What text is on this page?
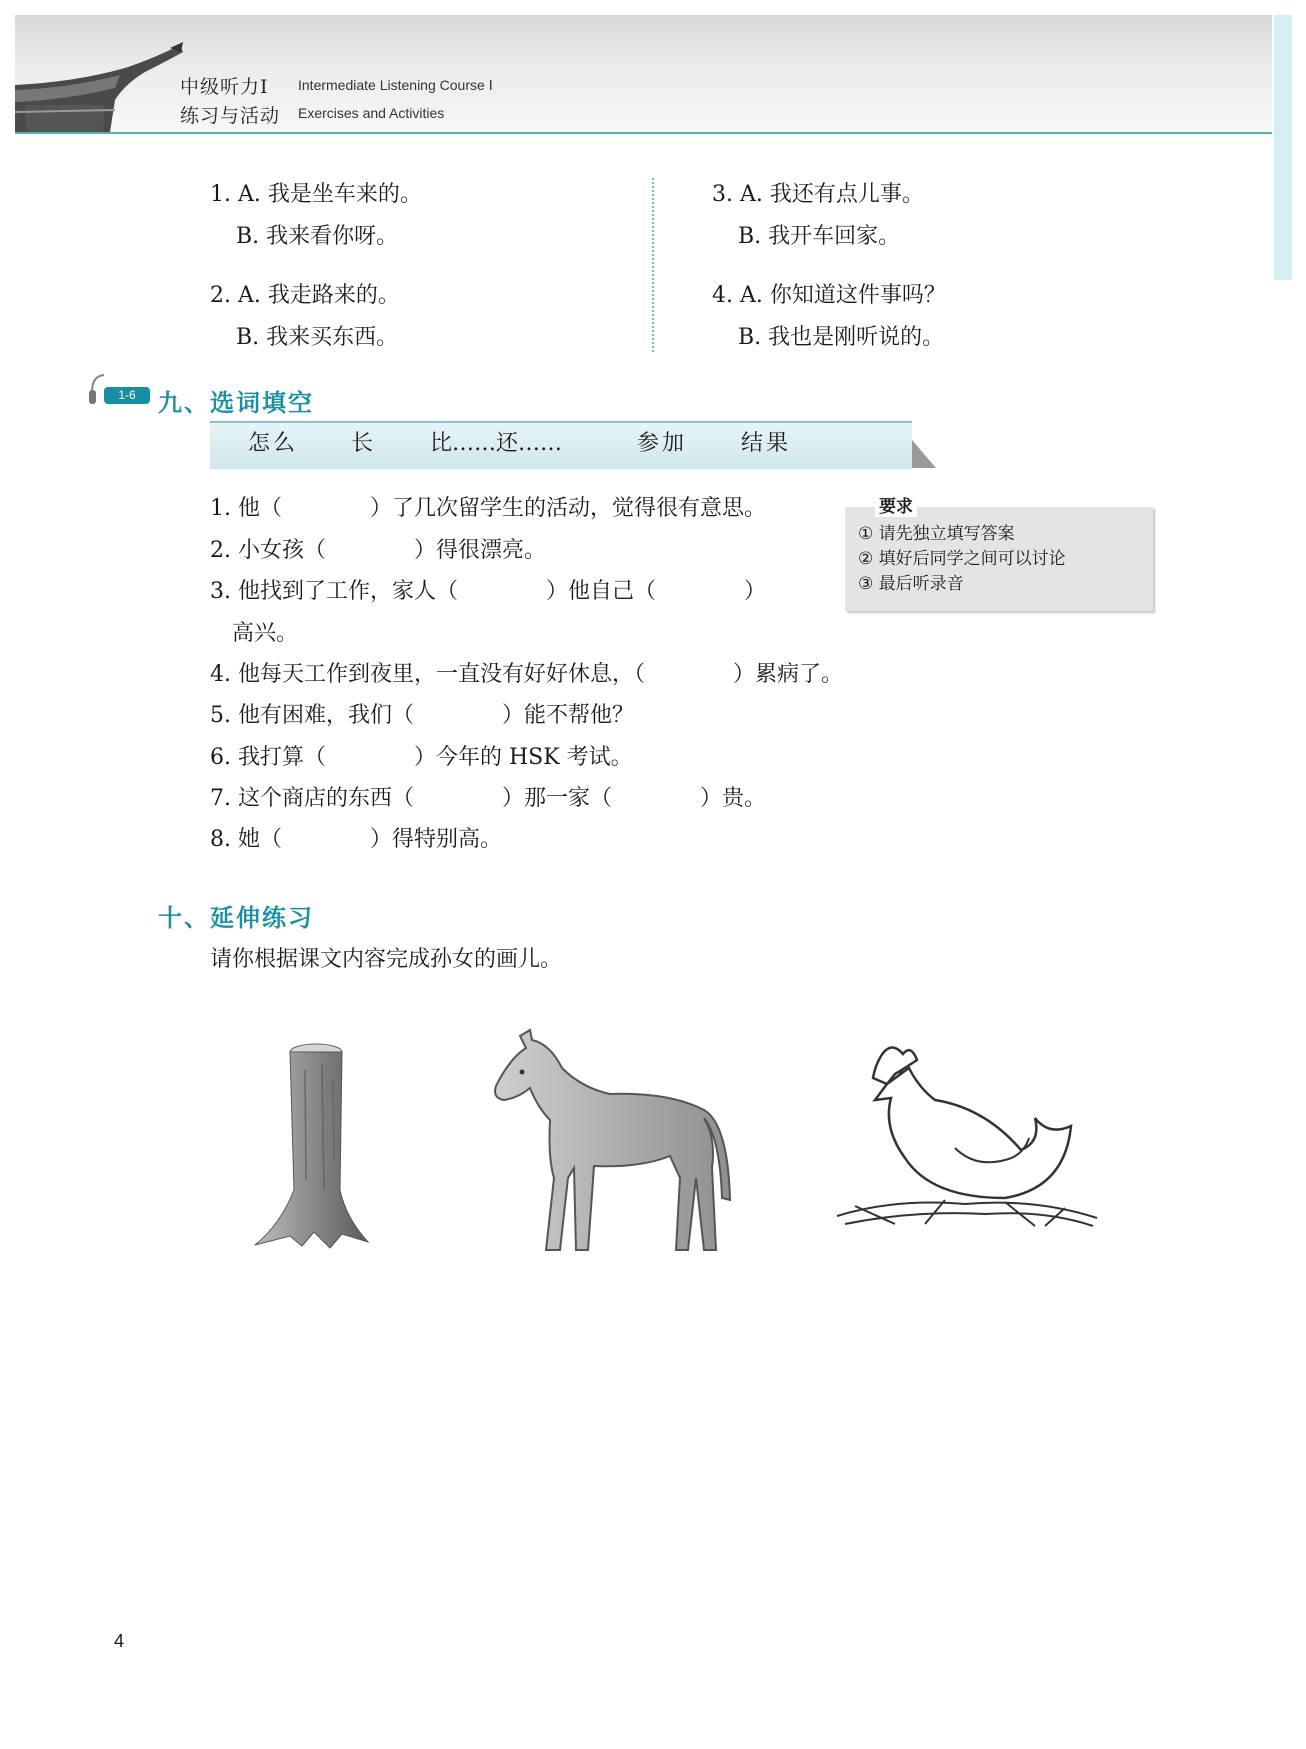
中级听力Ⅰ Intermediate Listening Course Ⅰ
练习与活动 Exercises and Activities
1. A. 我是坐车来的。
B. 我来看你呀。
2. A. 我走路来的。
B. 我来买东西。
3. A. 我还有点儿事。
B. 我开车回家。
4. A. 你知道这件事吗？
B. 我也是刚听说的。
1-6 九、选词填空
怎么 长 比……还……	参加 结果
1. 他（　　　　）了几次留学生的活动，觉得很有意思。
2. 小女孩（　　　　）得很漂亮。
3. 他找到了工作，家人（　　　　）他自己（　　　　）
高兴。
4. 他每天工作到夜里，一直没有好好休息，（　　　　）累病了。
5. 他有困难，我们（　　　　）能不帮他？
6. 我打算（　　　　）今年的 HSK 考试。
7. 这个商店的东西（　　　　）那一家（　　　　）贵。
8. 她（　　　　）得特别高。
要求
① 请先独立填写答案
② 填好后同学之间可以讨论
③ 最后听录音
十、延伸练习
请你根据课文内容完成孙女的画儿。
4
